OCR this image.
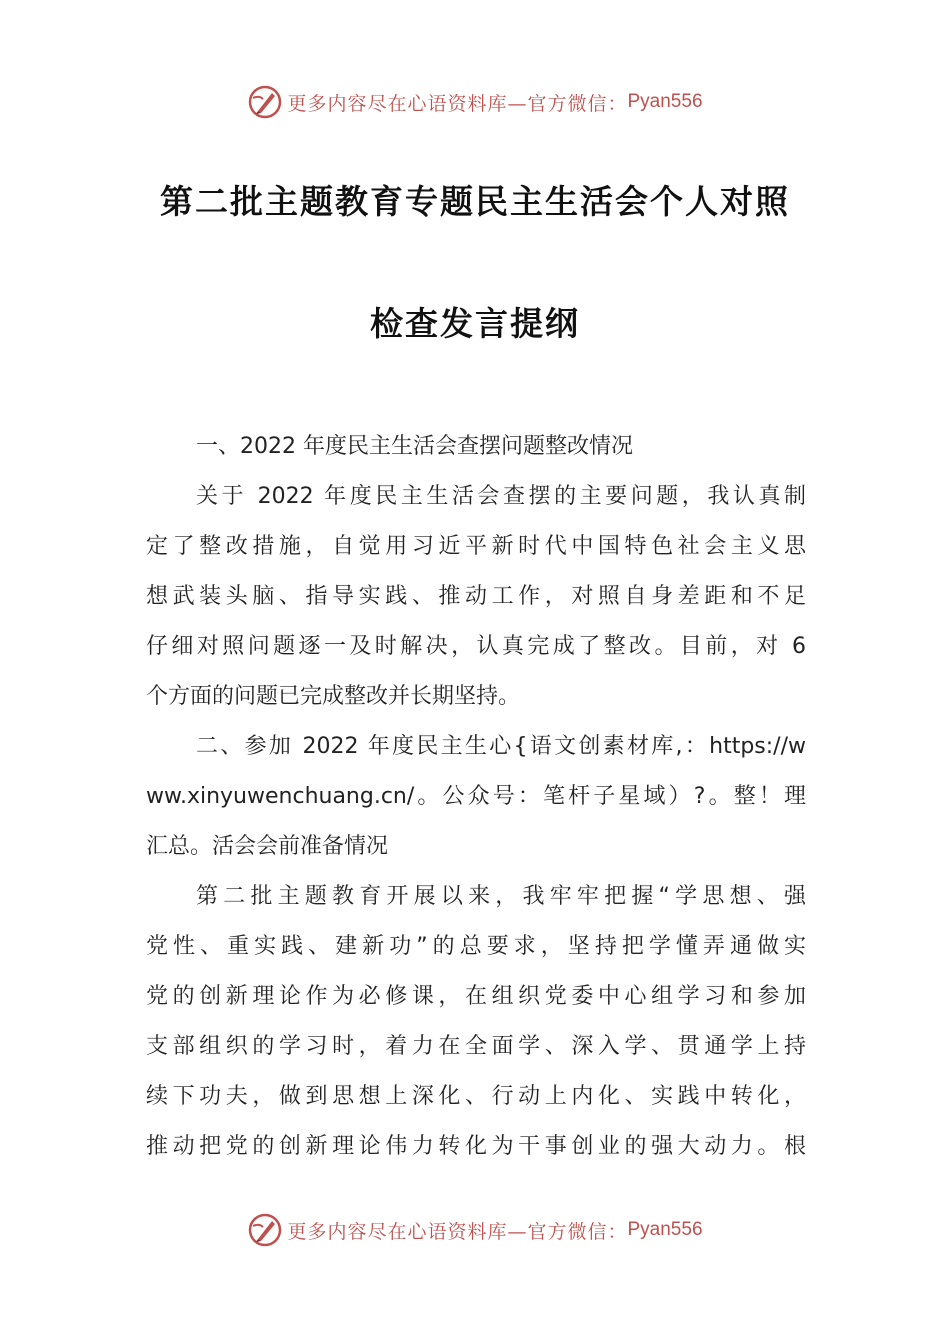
更多内容尽在心语资料库—官方微信： Pyan556
第二批主题教育专题民主生活会个人对照
检查发言提纲
一、2022 年度民主生活会查摆问题整改情况
关于 2022 年度民主生活会查摆的主要问题，我认真制
定了整改措施，自觉用习近平新时代中国特色社会主义思
想武装头脑、指导实践、推动工作，对照自身差距和不足
仔细对照问题逐一及时解决，认真完成了整改。目前，对 6
个方面的问题已完成整改并长期坚持。
二、参加 2022 年度民主生心{语文创素材库,：https://w
ww.xinyuwenchuang.cn/。公众号：笔杆子星域）?。整！理
汇总。活会会前准备情况
第二批主题教育开展以来，我牢牢把握“学思想、强
党性、重实践、建新功”的总要求，坚持把学懂弄通做实
党的创新理论作为必修课，在组织党委中心组学习和参加
支部组织的学习时，着力在全面学、深入学、贯通学上持
续下功夫，做到思想上深化、行动上内化、实践中转化，
推动把党的创新理论伟力转化为干事创业的强大动力。根
更多内容尽在心语资料库—官方微信： Pyan556
